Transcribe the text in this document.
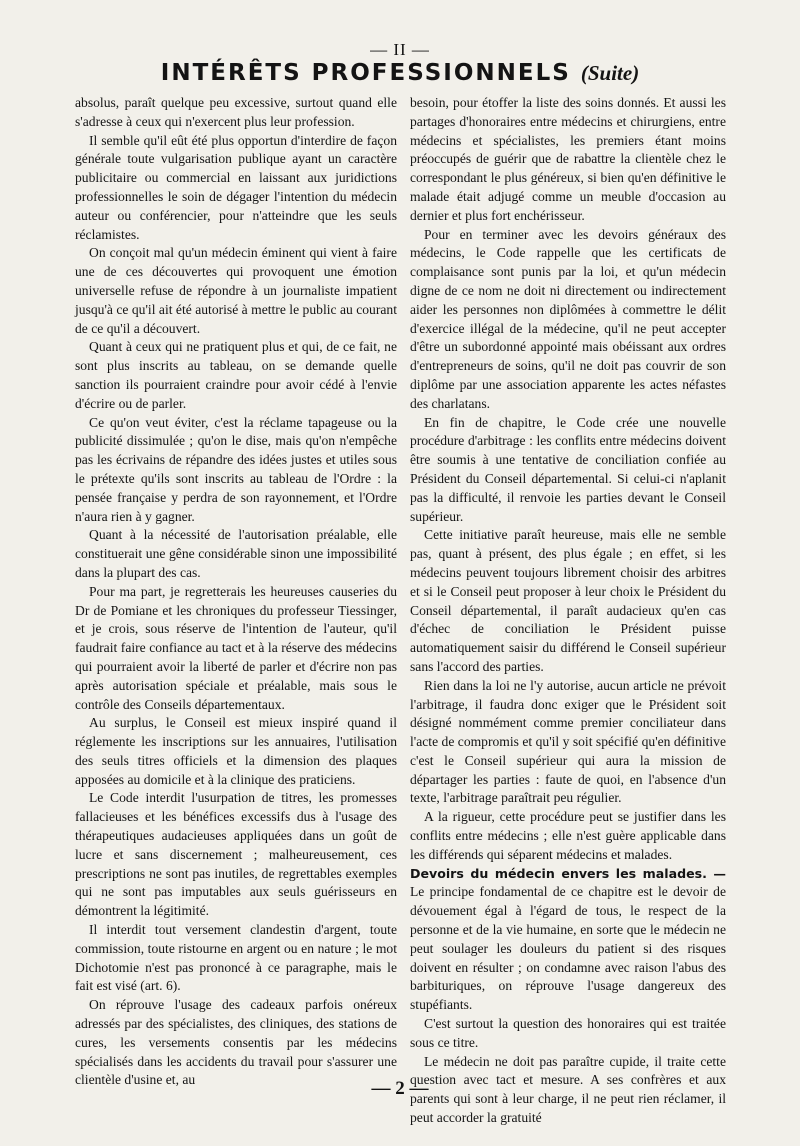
— II —
INTÉRÊTS PROFESSIONNELS (Suite)

absolus, paraît quelque peu excessive, surtout quand elle s'adresse à ceux qui n'exercent plus leur profession.

Il semble qu'il eût été plus opportun d'interdire de façon générale toute vulgarisation publique ayant un caractère publicitaire ou commercial en laissant aux juridictions professionnelles le soin de dégager l'intention du médecin auteur ou conférencier, pour n'atteindre que les seuls réclamistes.

On conçoit mal qu'un médecin éminent qui vient à faire une de ces découvertes qui provoquent une émotion universelle refuse de répondre à un journaliste impatient jusqu'à ce qu'il ait été autorisé à mettre le public au courant de ce qu'il a découvert.

Quant à ceux qui ne pratiquent plus et qui, de ce fait, ne sont plus inscrits au tableau, on se demande quelle sanction ils pourraient craindre pour avoir cédé à l'envie d'écrire ou de parler.

Ce qu'on veut éviter, c'est la réclame tapageuse ou la publicité dissimulée ; qu'on le dise, mais qu'on n'empêche pas les écrivains de répandre des idées justes et utiles sous le prétexte qu'ils sont inscrits au tableau de l'Ordre : la pensée française y perdra de son rayonnement, et l'Ordre n'aura rien à y gagner.

Quant à la nécessité de l'autorisation préalable, elle constituerait une gêne considérable sinon une impossibilité dans la plupart des cas.

Pour ma part, je regretterais les heureuses causeries du Dr de Pomiane et les chroniques du professeur Tiessinger, et je crois, sous réserve de l'intention de l'auteur, qu'il faudrait faire confiance au tact et à la réserve des médecins qui pourraient avoir la liberté de parler et d'écrire non pas après autorisation spéciale et préalable, mais sous le contrôle des Conseils départementaux.

Au surplus, le Conseil est mieux inspiré quand il réglemente les inscriptions sur les annuaires, l'utilisation des seuls titres officiels et la dimension des plaques apposées au domicile et à la clinique des praticiens.

Le Code interdit l'usurpation de titres, les promesses fallacieuses et les bénéfices excessifs dus à l'usage des thérapeutiques audacieuses appliquées dans un goût de lucre et sans discernement ; malheureusement, ces prescriptions ne sont pas inutiles, de regrettables exemples qui ne sont pas imputables aux seuls guérisseurs en démontrent la légitimité.

Il interdit tout versement clandestin d'argent, toute commission, toute ristourne en argent ou en nature ; le mot Dichotomie n'est pas prononcé à ce paragraphe, mais le fait est visé (art. 6).

On réprouve l'usage des cadeaux parfois onéreux adressés par des spécialistes, des cliniques, des stations de cures, les versements consentis par les médecins spécialisés dans les accidents du travail pour s'assurer une clientèle d'usine et, au

besoin, pour étoffer la liste des soins donnés. Et aussi les partages d'honoraires entre médecins et chirurgiens, entre médecins et spécialistes, les premiers étant moins préoccupés de guérir que de rabattre la clientèle chez le correspondant le plus généreux, si bien qu'en définitive le malade était adjugé comme un meuble d'occasion au dernier et plus fort enchérisseur.

Pour en terminer avec les devoirs généraux des médecins, le Code rappelle que les certificats de complaisance sont punis par la loi, et qu'un médecin digne de ce nom ne doit ni directement ou indirectement aider les personnes non diplômées à commettre le délit d'exercice illégal de la médecine, qu'il ne peut accepter d'être un subordonné appointé mais obéissant aux ordres d'entrepreneurs de soins, qu'il ne doit pas couvrir de son diplôme par une association apparente les actes néfastes des charlatans.

En fin de chapitre, le Code crée une nouvelle procédure d'arbitrage : les conflits entre médecins doivent être soumis à une tentative de conciliation confiée au Président du Conseil départemental. Si celui-ci n'aplanit pas la difficulté, il renvoie les parties devant le Conseil supérieur.

Cette initiative paraît heureuse, mais elle ne semble pas, quant à présent, des plus égale ; en effet, si les médecins peuvent toujours librement choisir des arbitres et si le Conseil peut proposer à leur choix le Président du Conseil départemental, il paraît audacieux qu'en cas d'échec de conciliation le Président puisse automatiquement saisir du différend le Conseil supérieur sans l'accord des parties.

Rien dans la loi ne l'y autorise, aucun article ne prévoit l'arbitrage, il faudra donc exiger que le Président soit désigné nommément comme premier conciliateur dans l'acte de compromis et qu'il y soit spécifié qu'en définitive c'est le Conseil supérieur qui aura la mission de départager les parties : faute de quoi, en l'absence d'un texte, l'arbitrage paraîtrait peu régulier.

A la rigueur, cette procédure peut se justifier dans les conflits entre médecins ; elle n'est guère applicable dans les différends qui séparent médecins et malades.

Devoirs du médecin envers les malades. — Le principe fondamental de ce chapitre est le devoir de dévouement égal à l'égard de tous, le respect de la personne et de la vie humaine, en sorte que le médecin ne peut soulager les douleurs du patient si des risques doivent en résulter ; on condamne avec raison l'abus des barbituriques, on réprouve l'usage dangereux des stupéfiants.

C'est surtout la question des honoraires qui est traitée sous ce titre.

Le médecin ne doit pas paraître cupide, il traite cette question avec tact et mesure. A ses confrères et aux parents qui sont à leur charge, il ne peut rien réclamer, il peut accorder la gratuité

— 2 —
